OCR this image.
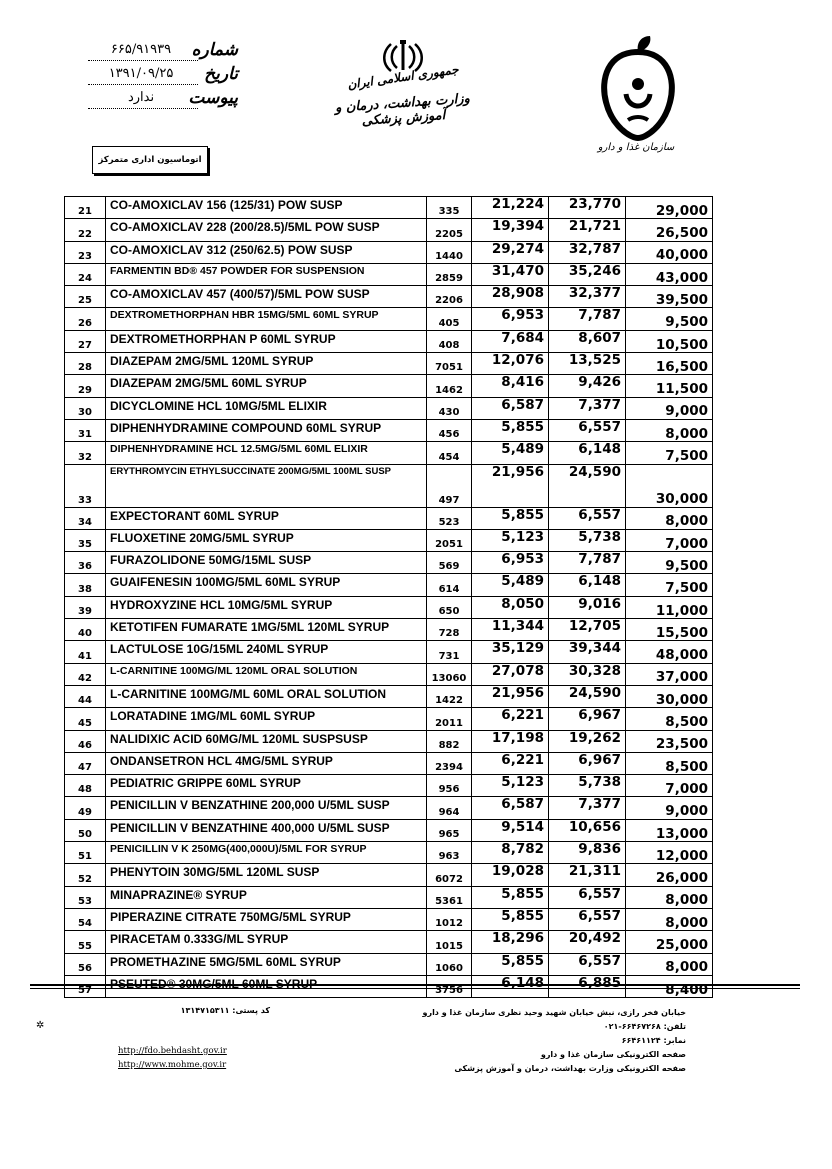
۶۶۵/۹۱۹۳۹	شماره
۱۳۹۱/۰۹/۲۵	تاریخ
ندارد	پیوست
اتوماسیون اداری متمرکز
جمهوری اسلامی ایران
وزارت بهداشت، درمان و آموزش پزشکی
سازمان غذا و دارو
21	CO-AMOXICLAV 156 (125/31) POW SUSP	335	21,224	23,770	29,000
22	CO-AMOXICLAV 228 (200/28.5)/5ML POW SUSP	2205	19,394	21,721	26,500
23	CO-AMOXICLAV 312 (250/62.5) POW SUSP	1440	29,274	32,787	40,000
24	FARMENTIN BD® 457 POWDER FOR SUSPENSION	2859	31,470	35,246	43,000
25	CO-AMOXICLAV 457 (400/57)/5ML POW SUSP	2206	28,908	32,377	39,500
26	DEXTROMETHORPHAN HBR 15MG/5ML 60ML SYRUP	405	6,953	7,787	9,500
27	DEXTROMETHORPHAN P 60ML SYRUP	408	7,684	8,607	10,500
28	DIAZEPAM 2MG/5ML 120ML SYRUP	7051	12,076	13,525	16,500
29	DIAZEPAM 2MG/5ML 60ML SYRUP	1462	8,416	9,426	11,500
30	DICYCLOMINE HCL 10MG/5ML ELIXIR	430	6,587	7,377	9,000
31	DIPHENHYDRAMINE COMPOUND 60ML SYRUP	456	5,855	6,557	8,000
32	DIPHENHYDRAMINE HCL 12.5MG/5ML 60ML ELIXIR	454	5,489	6,148	7,500
33	ERYTHROMYCIN ETHYLSUCCINATE 200MG/5ML 100ML SUSP	497	21,956	24,590	30,000
34	EXPECTORANT 60ML SYRUP	523	5,855	6,557	8,000
35	FLUOXETINE 20MG/5ML SYRUP	2051	5,123	5,738	7,000
36	FURAZOLIDONE 50MG/15ML SUSP	569	6,953	7,787	9,500
38	GUAIFENESIN 100MG/5ML 60ML SYRUP	614	5,489	6,148	7,500
39	HYDROXYZINE HCL 10MG/5ML SYRUP	650	8,050	9,016	11,000
40	KETOTIFEN FUMARATE 1MG/5ML 120ML SYRUP	728	11,344	12,705	15,500
41	LACTULOSE 10G/15ML 240ML SYRUP	731	35,129	39,344	48,000
42	L-CARNITINE 100MG/ML 120ML ORAL SOLUTION	13060	27,078	30,328	37,000
44	L-CARNITINE 100MG/ML 60ML ORAL SOLUTION	1422	21,956	24,590	30,000
45	LORATADINE 1MG/ML 60ML SYRUP	2011	6,221	6,967	8,500
46	NALIDIXIC ACID 60MG/ML 120ML SUSPSUSP	882	17,198	19,262	23,500
47	ONDANSETRON HCL 4MG/5ML SYRUP	2394	6,221	6,967	8,500
48	PEDIATRIC GRIPPE 60ML SYRUP	956	5,123	5,738	7,000
49	PENICILLIN V BENZATHINE 200,000 U/5ML SUSP	964	6,587	7,377	9,000
50	PENICILLIN V BENZATHINE 400,000 U/5ML SUSP	965	9,514	10,656	13,000
51	PENICILLIN V K 250MG(400,000U)/5ML FOR SYRUP	963	8,782	9,836	12,000
52	PHENYTOIN 30MG/5ML 120ML SUSP	6072	19,028	21,311	26,000
53	MINAPRAZINE® SYRUP	5361	5,855	6,557	8,000
54	PIPERAZINE CITRATE 750MG/5ML SYRUP	1012	5,855	6,557	8,000
55	PIRACETAM 0.333G/ML SYRUP	1015	18,296	20,492	25,000
56	PROMETHAZINE 5MG/5ML 60ML SYRUP	1060	5,855	6,557	8,000
57	PSEUTED® 30MG/5ML 60ML SYRUP	3756	6,148	6,885	8,400
خیابان فخر رازی، نبش خیابان شهید وحید نظری سازمان غذا و دارو
تلفن: ۶۶۴۶۷۲۶۸-۰۲۱
نمابر: ۶۶۴۶۱۱۲۴
صفحه الکترونیکی سازمان غذا و دارو
صفحه الکترونیکی وزارت بهداشت، درمان و آموزش پزشکی
کد پستی: ۱۳۱۴۷۱۵۳۱۱
✲
http://fdo.behdasht.gov.ir
http://www.mohme.gov.ir
